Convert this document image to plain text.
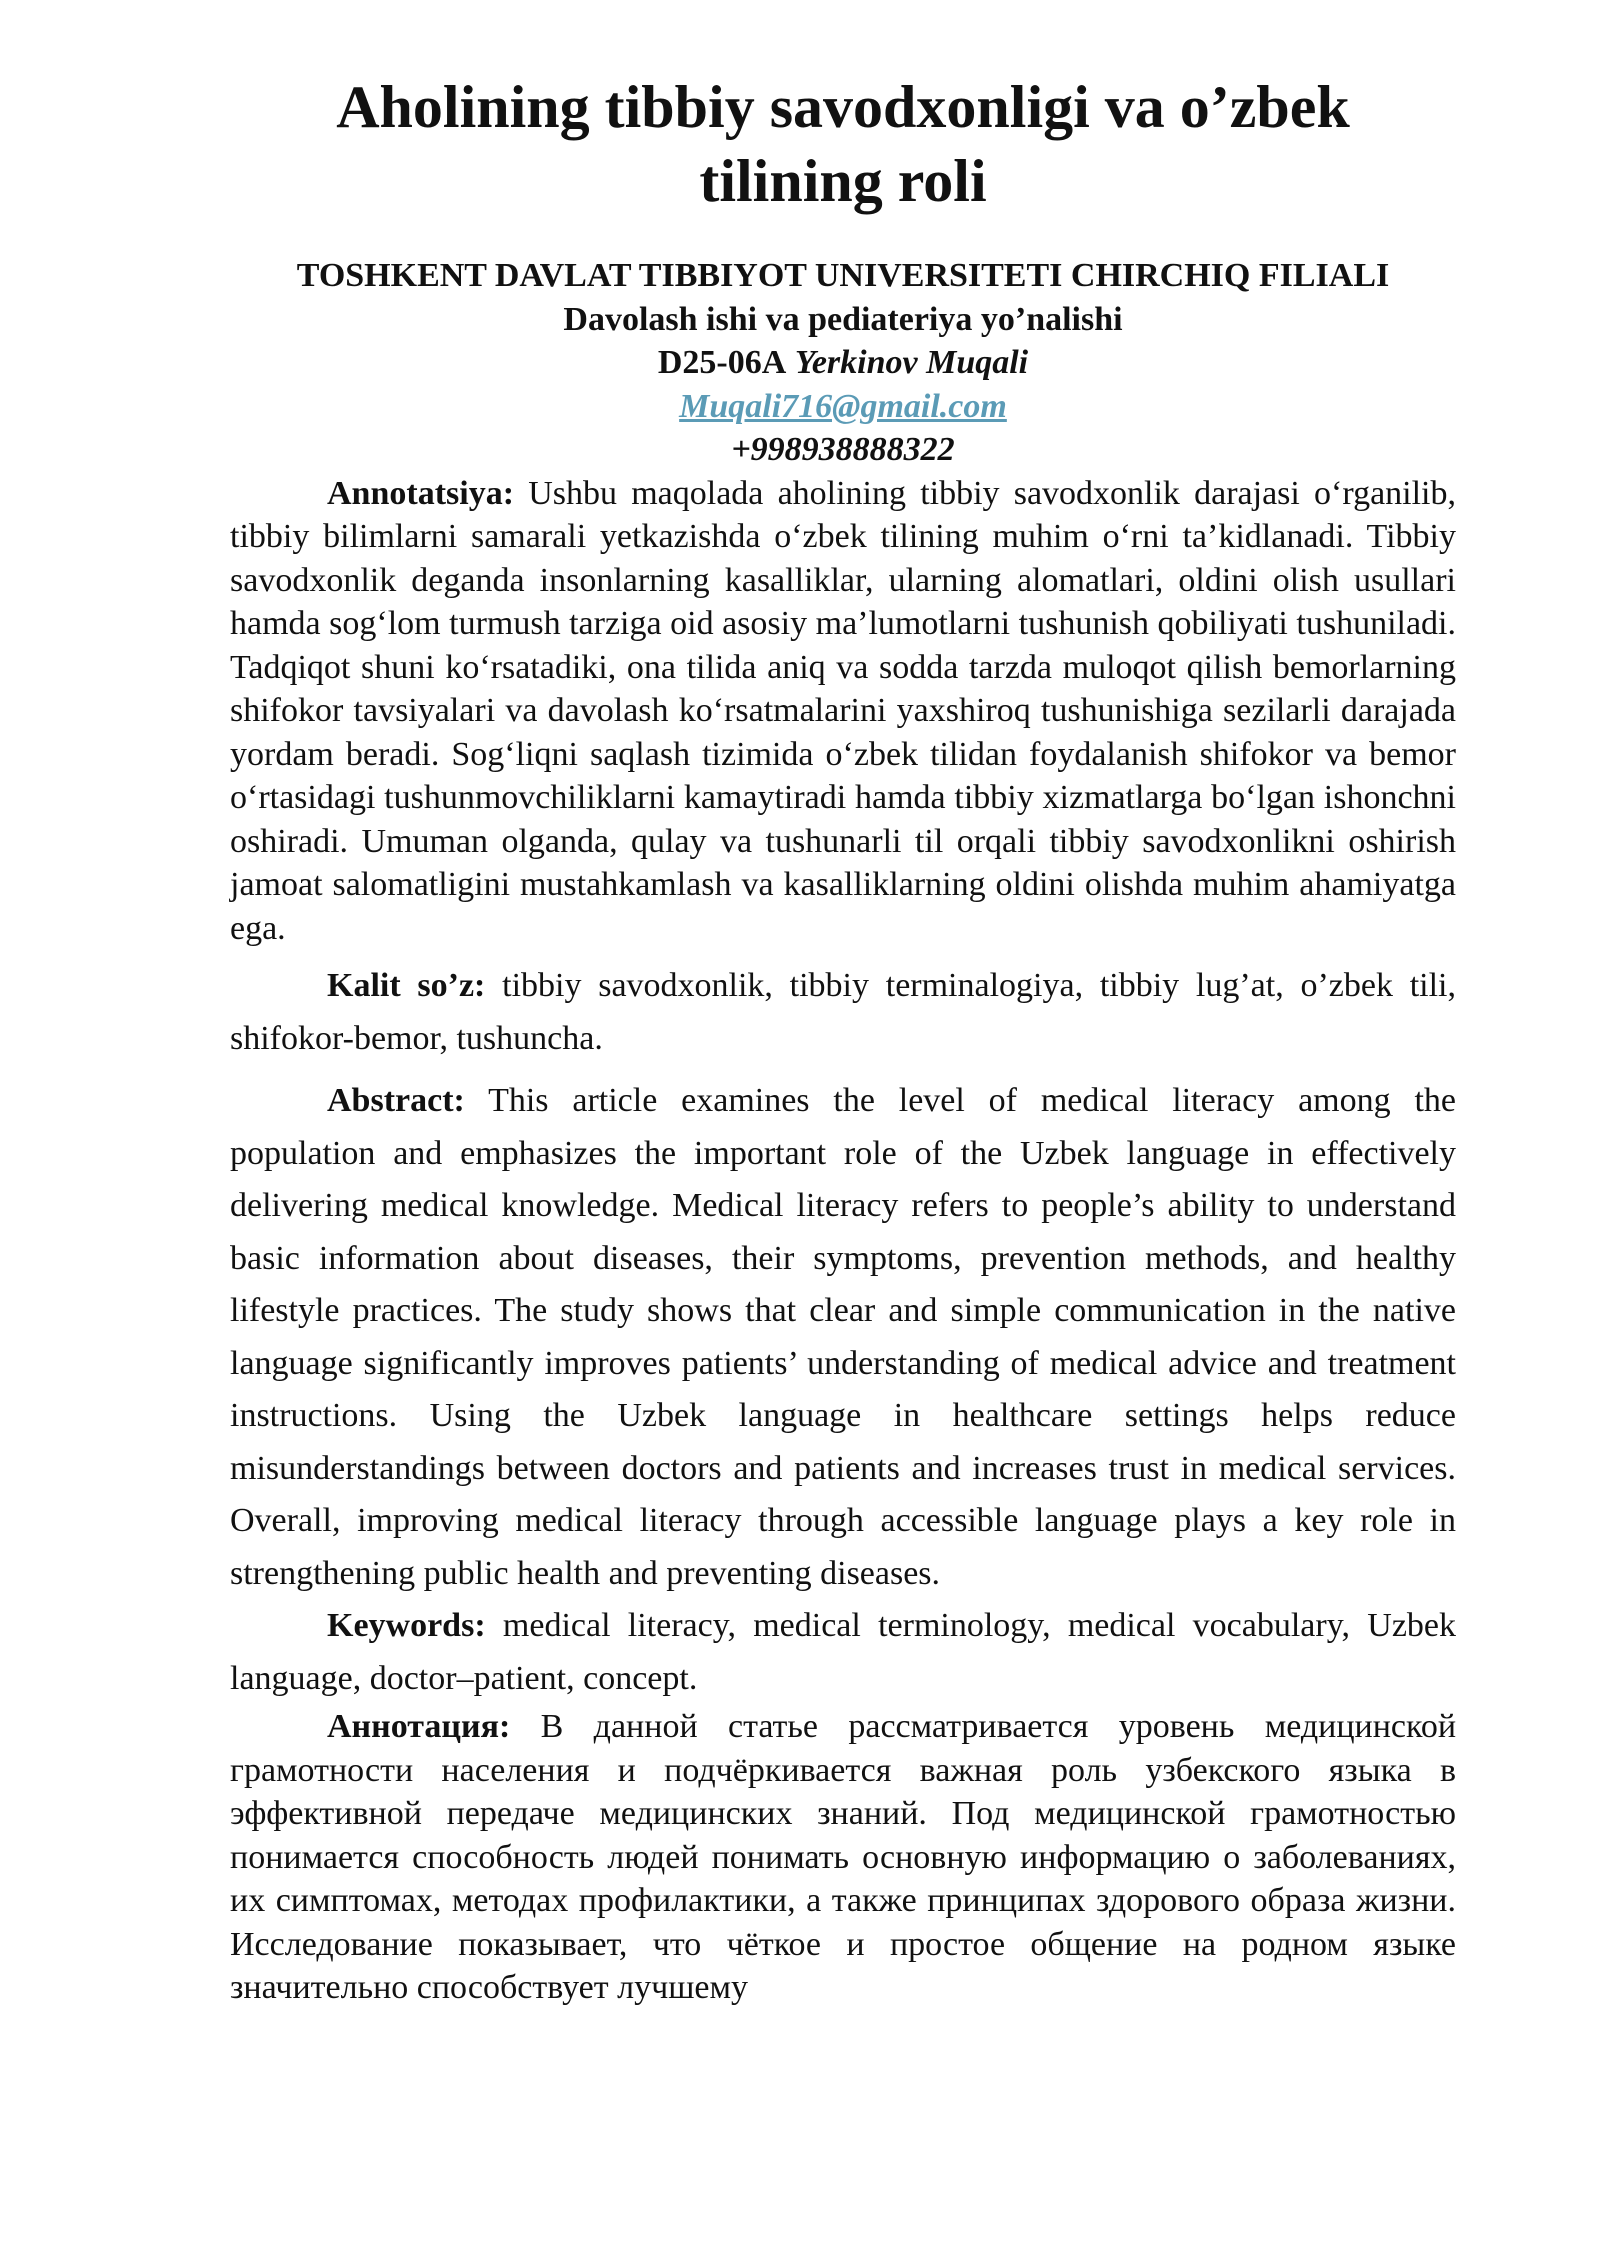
Aholining tibbiy savodxonligi va o’zbek
tilining roli
TOSHKENT DAVLAT TIBBIYOT UNIVERSITETI CHIRCHIQ FILIALI
Davolash ishi va pediateriya yo’nalishi
D25-06A Yerkinov Muqali
Muqali716@gmail.com
+998938888322

Annotatsiya: Ushbu maqolada aholining tibbiy savodxonlik darajasi o‘rganilib, tibbiy bilimlarni samarali yetkazishda o‘zbek tilining muhim o‘rni ta’kidlanadi. Tibbiy savodxonlik deganda insonlarning kasalliklar, ularning alomatlari, oldini olish usullari hamda sog‘lom turmush tarziga oid asosiy ma’lumotlarni tushunish qobiliyati tushuniladi. Tadqiqot shuni ko‘rsatadiki, ona tilida aniq va sodda tarzda muloqot qilish bemorlarning shifokor tavsiyalari va davolash ko‘rsatmalarini yaxshiroq tushunishiga sezilarli darajada yordam beradi. Sog‘liqni saqlash tizimida o‘zbek tilidan foydalanish shifokor va bemor o‘rtasidagi tushunmovchiliklarni kamaytiradi hamda tibbiy xizmatlarga bo‘lgan ishonchni oshiradi. Umuman olganda, qulay va tushunarli til orqali tibbiy savodxonlikni oshirish jamoat salomatligini mustahkamlash va kasalliklarning oldini olishda muhim ahamiyatga ega.

Kalit so’z: tibbiy savodxonlik, tibbiy terminalogiya, tibbiy lug’at, o’zbek tili, shifokor-bemor, tushuncha.

Abstract: This article examines the level of medical literacy among the population and emphasizes the important role of the Uzbek language in effectively delivering medical knowledge. Medical literacy refers to people’s ability to understand basic information about diseases, their symptoms, prevention methods, and healthy lifestyle practices. The study shows that clear and simple communication in the native language significantly improves patients’ understanding of medical advice and treatment instructions. Using the Uzbek language in healthcare settings helps reduce misunderstandings between doctors and patients and increases trust in medical services. Overall, improving medical literacy through accessible language plays a key role in strengthening public health and preventing diseases.

Keywords: medical literacy, medical terminology, medical vocabulary, Uzbek language, doctor–patient, concept.

Аннотация: В данной статье рассматривается уровень медицинской грамотности населения и подчёркивается важная роль узбекского языка в эффективной передаче медицинских знаний. Под медицинской грамотностью понимается способность людей понимать основную информацию о заболеваниях, их симптомах, методах профилактики, а также принципах здорового образа жизни. Исследование показывает, что чёткое и простое общение на родном языке значительно способствует лучшему
